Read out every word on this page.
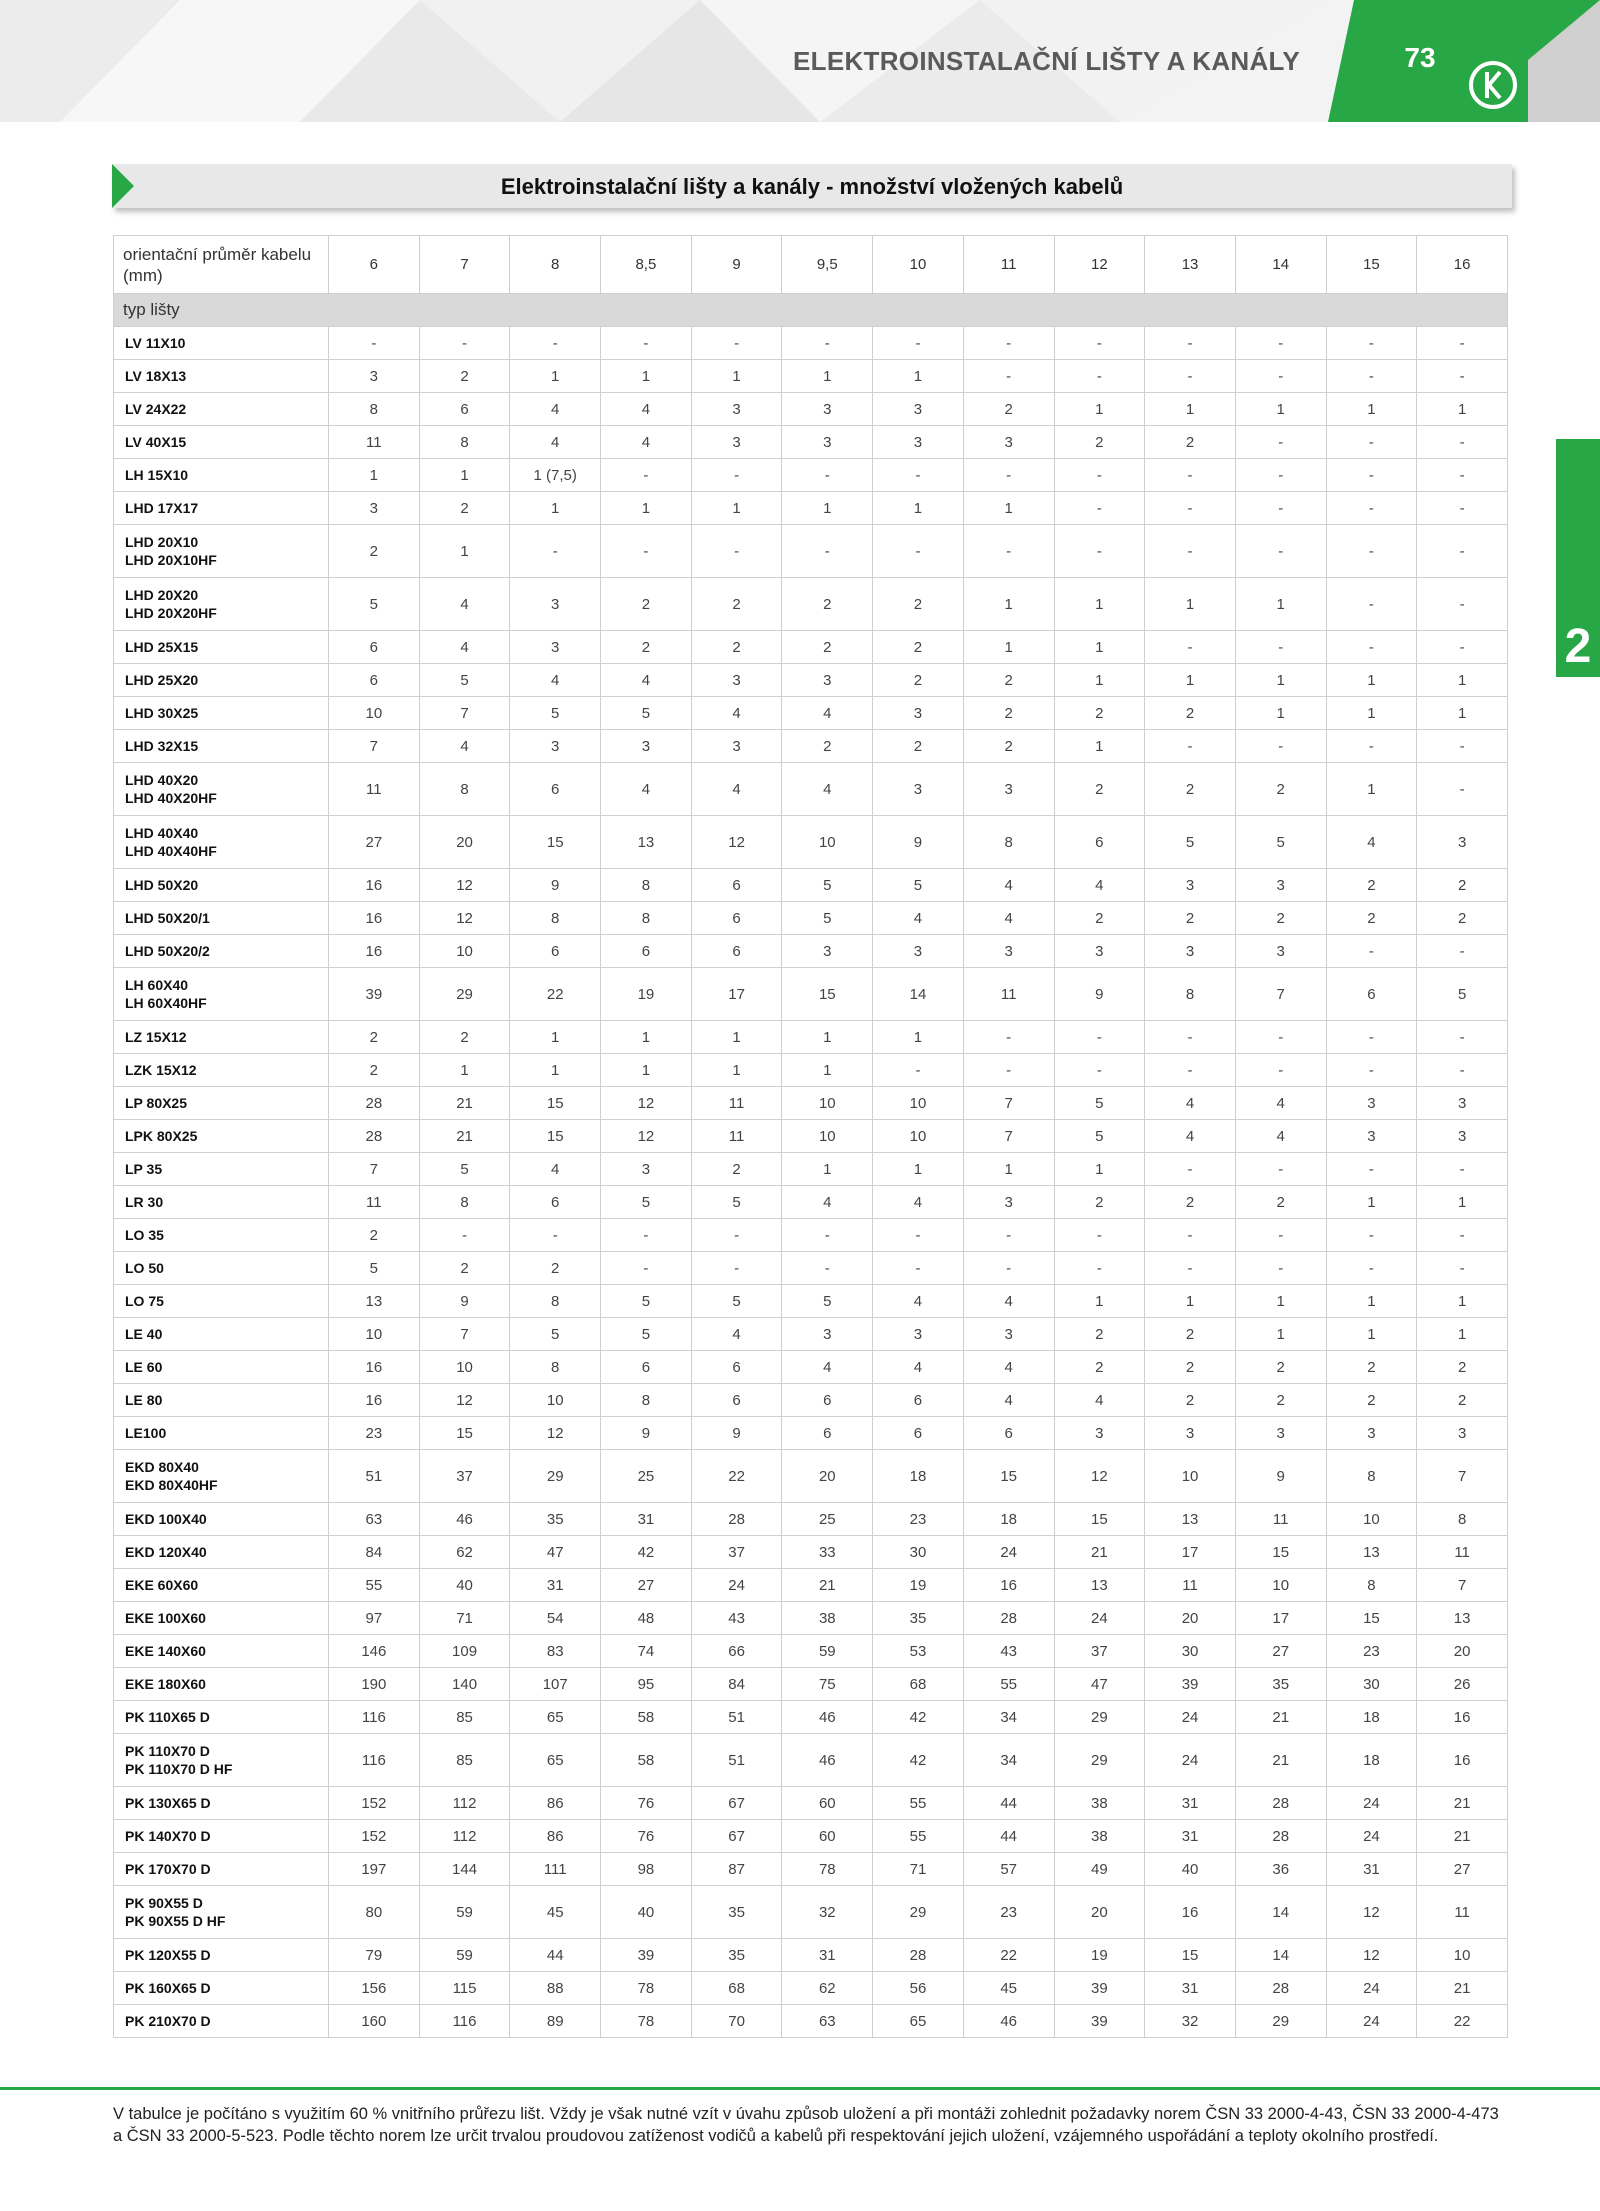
ELEKTROINSTALAČNÍ LIŠTY A KANÁLY	73
2
Elektroinstalační lišty a kanály - množství vložených kabelů
orientační průměr kabelu (mm)	6	7	8	8,5	9	9,5	10	11	12	13	14	15	16
typ lišty													

LV 11X10	-	-	-	-	-	-	-	-	-	-	-	-	-

LV 18X13	3	2	1	1	1	1	1	-	-	-	-	-	-

LV 24X22	8	6	4	4	3	3	3	2	1	1	1	1	1

LV 40X15	11	8	4	4	3	3	3	3	2	2	-	-	-

LH 15X10	1	1	1 (7,5)	-	-	-	-	-	-	-	-	-	-

LHD 17X17	3	2	1	1	1	1	1	1	-	-	-	-	-

LHD 20X10
LHD 20X10HF	2	1	-	-	-	-	-	-	-	-	-	-	-

LHD 20X20
LHD 20X20HF	5	4	3	2	2	2	2	1	1	1	1	-	-

LHD 25X15	6	4	3	2	2	2	2	1	1	-	-	-	-

LHD 25X20	6	5	4	4	3	3	2	2	1	1	1	1	1

LHD 30X25	10	7	5	5	4	4	3	2	2	2	1	1	1

LHD 32X15	7	4	3	3	3	2	2	2	1	-	-	-	-

LHD 40X20
LHD 40X20HF	11	8	6	4	4	4	3	3	2	2	2	1	-

LHD 40X40
LHD 40X40HF	27	20	15	13	12	10	9	8	6	5	5	4	3

LHD 50X20	16	12	9	8	6	5	5	4	4	3	3	2	2

LHD 50X20/1	16	12	8	8	6	5	4	4	2	2	2	2	2

LHD 50X20/2	16	10	6	6	6	3	3	3	3	3	3	-	-

LH 60X40
LH 60X40HF	39	29	22	19	17	15	14	11	9	8	7	6	5

LZ 15X12	2	2	1	1	1	1	1	-	-	-	-	-	-

LZK 15X12	2	1	1	1	1	1	-	-	-	-	-	-	-

LP 80X25	28	21	15	12	11	10	10	7	5	4	4	3	3

LPK 80X25	28	21	15	12	11	10	10	7	5	4	4	3	3

LP 35	7	5	4	3	2	1	1	1	1	-	-	-	-

LR 30	11	8	6	5	5	4	4	3	2	2	2	1	1

LO 35	2	-	-	-	-	-	-	-	-	-	-	-	-

LO 50	5	2	2	-	-	-	-	-	-	-	-	-	-

LO 75	13	9	8	5	5	5	4	4	1	1	1	1	1

LE 40	10	7	5	5	4	3	3	3	2	2	1	1	1

LE 60	16	10	8	6	6	4	4	4	2	2	2	2	2

LE 80	16	12	10	8	6	6	6	4	4	2	2	2	2

LE100	23	15	12	9	9	6	6	6	3	3	3	3	3

EKD 80X40
EKD 80X40HF	51	37	29	25	22	20	18	15	12	10	9	8	7

EKD 100X40	63	46	35	31	28	25	23	18	15	13	11	10	8

EKD 120X40	84	62	47	42	37	33	30	24	21	17	15	13	11

EKE 60X60	55	40	31	27	24	21	19	16	13	11	10	8	7

EKE 100X60	97	71	54	48	43	38	35	28	24	20	17	15	13

EKE 140X60	146	109	83	74	66	59	53	43	37	30	27	23	20

EKE 180X60	190	140	107	95	84	75	68	55	47	39	35	30	26

PK 110X65 D	116	85	65	58	51	46	42	34	29	24	21	18	16

PK 110X70 D
PK 110X70 D HF	116	85	65	58	51	46	42	34	29	24	21	18	16

PK 130X65 D	152	112	86	76	67	60	55	44	38	31	28	24	21

PK 140X70 D	152	112	86	76	67	60	55	44	38	31	28	24	21

PK 170X70 D	197	144	111	98	87	78	71	57	49	40	36	31	27

PK 90X55 D
PK 90X55 D HF	80	59	45	40	35	32	29	23	20	16	14	12	11

PK 120X55 D	79	59	44	39	35	31	28	22	19	15	14	12	10

PK 160X65 D	156	115	88	78	68	62	56	45	39	31	28	24	21

PK 210X70 D	160	116	89	78	70	63	65	46	39	32	29	24	22
V tabulce je počítáno s využitím 60 % vnitřního průřezu lišt. Vždy je však nutné vzít v úvahu způsob uložení a při montáži zohlednit požadavky norem ČSN 33 2000-4-43, ČSN 33 2000-4-473 a ČSN 33 2000-5-523. Podle těchto norem lze určit trvalou proudovou zatíženost vodičů a kabelů při respektování jejich uložení, vzájemného uspořádání a teploty okolního prostředí.
